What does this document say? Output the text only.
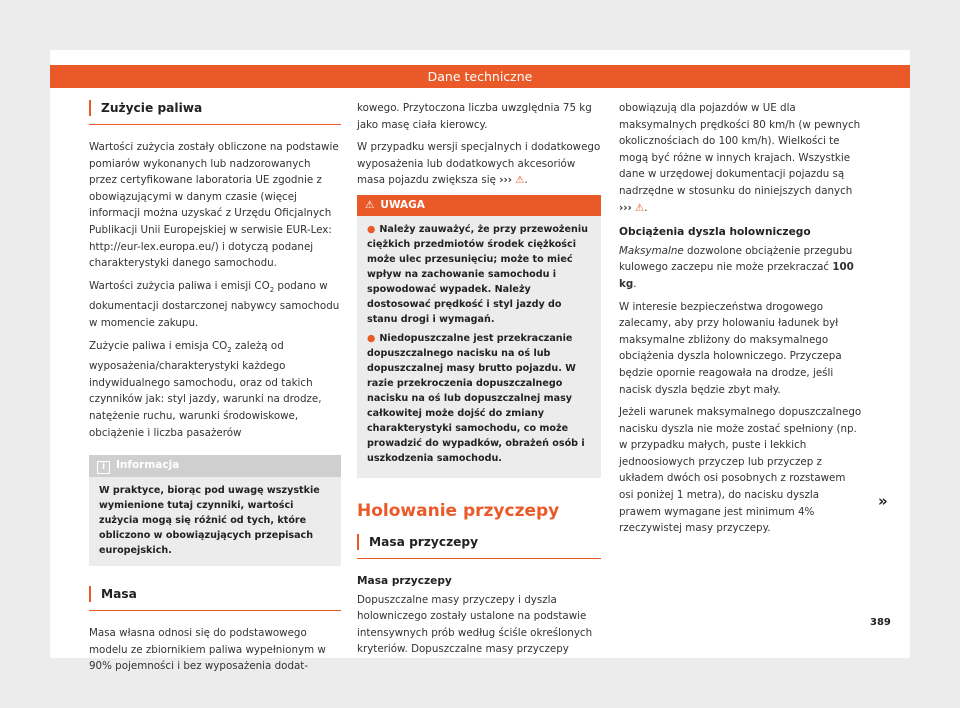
Dane techniczne
Zużycie paliwa

Wartości zużycia zostały obliczone na podstawie pomiarów wykonanych lub nadzorowanych przez certyfikowane laboratoria UE zgodnie z obowiązującymi w danym czasie (więcej informacji można uzyskać z Urzędu Oficjalnych Publikacji Unii Europejskiej w serwisie EUR-Lex: http://eur-lex.europa.eu/) i dotyczą podanej charakterystyki danego samochodu.

Wartości zużycia paliwa i emisji $CO_2$ podano w dokumentacji dostarczonej nabywcy samochodu w momencie zakupu.

Zużycie paliwa i emisja $CO_2$ zależą od wyposażenia/charakterystyki każdego indywidualnego samochodu, oraz od takich czynników jak: styl jazdy, warunki na drodze, natężenie ruchu, warunki środowiskowe, obciążenie i liczba pasażerów

i Informacja
W praktyce, biorąc pod uwagę wszystkie wymienione tutaj czynniki, wartości zużycia mogą się różnić od tych, które obliczono w obowiązujących przepisach europejskich.
Masa

Masa własna odnosi się do podstawowego modelu ze zbiornikiem paliwa wypełnionym w 90% pojemności i bez wyposażenia dodat-

kowego. Przytoczona liczba uwzględnia 75 kg jako masę ciała kierowcy.

W przypadku wersji specjalnych i dodatkowego wyposażenia lub dodatkowych akcesoriów masa pojazdu zwiększa się ››› ⚠.

⚠ UWAGA

● Należy zauważyć, że przy przewożeniu ciężkich przedmiotów środek ciężkości może ulec przesunięciu; może to mieć wpływ na zachowanie samochodu i spowodować wypadek. Należy dostosować prędkość i styl jazdy do stanu drogi i wymagań.

● Niedopuszczalne jest przekraczanie dopuszczalnego nacisku na oś lub dopuszczalnej masy brutto pojazdu. W razie przekroczenia dopuszczalnego nacisku na oś lub dopuszczalnej masy całkowitej może dojść do zmiany charakterystyki samochodu, co może prowadzić do wypadków, obrażeń osób i uszkodzenia samochodu.

Holowanie przyczepy
Masa przyczepy
Masa przyczepy

Dopuszczalne masy przyczepy i dyszla holowniczego zostały ustalone na podstawie intensywnych prób według ściśle określonych kryteriów. Dopuszczalne masy przyczepy

obowiązują dla pojazdów w UE dla maksymalnych prędkości 80 km/h (w pewnych okolicznościach do 100 km/h). Wielkości te mogą być różne w innych krajach. Wszystkie dane w urzędowej dokumentacji pojazdu są nadrzędne w stosunku do niniejszych danych
››› ⚠.

Obciążenia dyszla holowniczego

Maksymalne dozwolone obciążenie przegubu kulowego zaczepu nie może przekraczać 100 kg.

W interesie bezpieczeństwa drogowego zalecamy, aby przy holowaniu ładunek był maksymalne zbliżony do maksymalnego obciążenia dyszla holowniczego. Przyczepa będzie opornie reagowała na drodze, jeśli nacisk dyszla będzie zbyt mały.

Jeżeli warunek maksymalnego dopuszczalnego nacisku dyszla nie może zostać spełniony (np. w przypadku małych, puste i lekkich jednoosiowych przyczep lub przyczep z układem dwóch osi posobnych z rozstawem osi poniżej 1 metra), do nacisku dyszla prawem wymagane jest minimum 4% rzeczywistej masy przyczepy.

»
389
